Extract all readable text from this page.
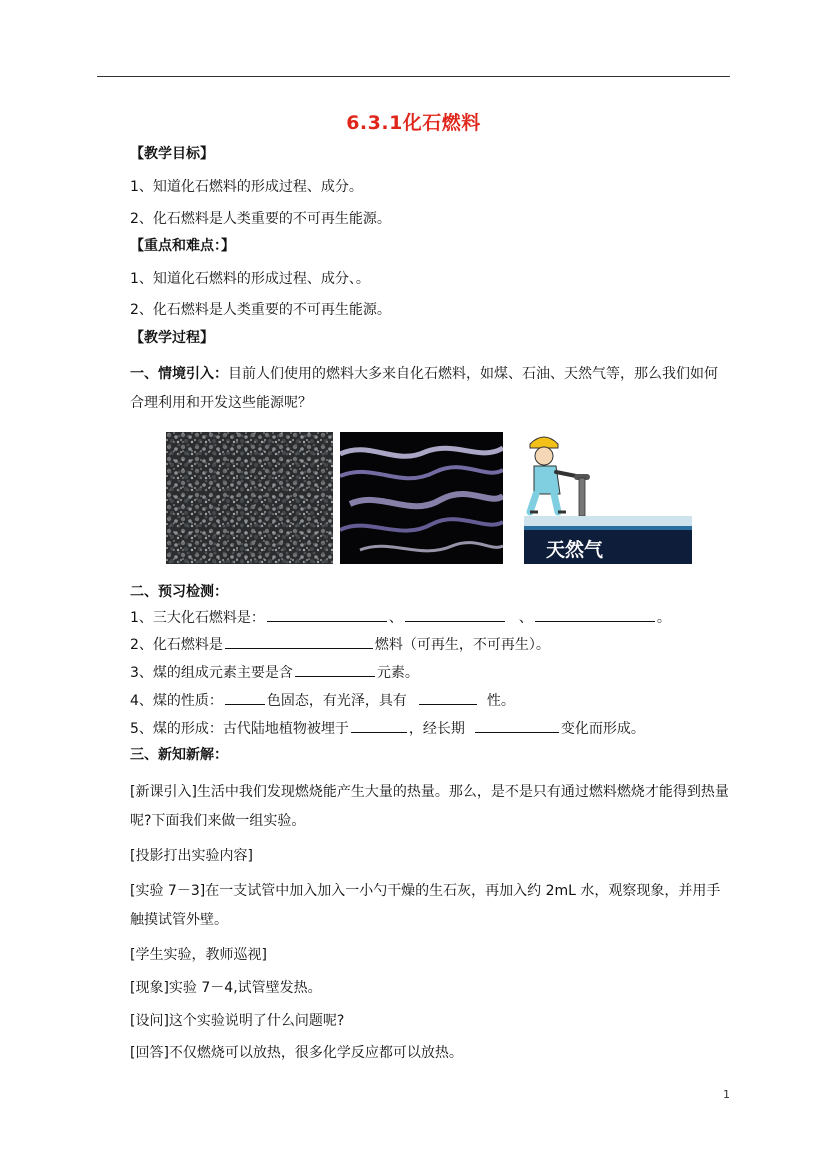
6.3.1化石燃料
【教学目标】
1、知道化石燃料的形成过程、成分。
2、化石燃料是人类重要的不可再生能源。
【重点和难点：】
1、知道化石燃料的形成过程、成分、。
2、化石燃料是人类重要的不可再生能源。
【教学过程】
一、情境引入：目前人们使用的燃料大多来自化石燃料，如煤、石油、天然气等，那么我们如何合理利用和开发这些能源呢？
天然气
二、预习检测：
1、三大化石燃料是：	、	、	。
2、化石燃料是	燃料（可再生，不可再生）。
3、煤的组成元素主要是含	元素。
4、煤的性质：	色固态，有光泽，具有	性。
5、煤的形成：古代陆地植物被埋于	，经长期	变化而形成。
三、新知新解：
[新课引入]生活中我们发现燃烧能产生大量的热量。那么，是不是只有通过燃料燃烧才能得到热量呢?下面我们来做一组实验。
[投影打出实验内容]
[实验 7－3]在一支试管中加入加入一小勺干燥的生石灰，再加入约 2mL 水，观察现象，并用手触摸试管外壁。
[学生实验，教师巡视]
[现象]实验 7－4,试管壁发热。
[设问]这个实验说明了什么问题呢?
[回答]不仅燃烧可以放热，很多化学反应都可以放热。
1
